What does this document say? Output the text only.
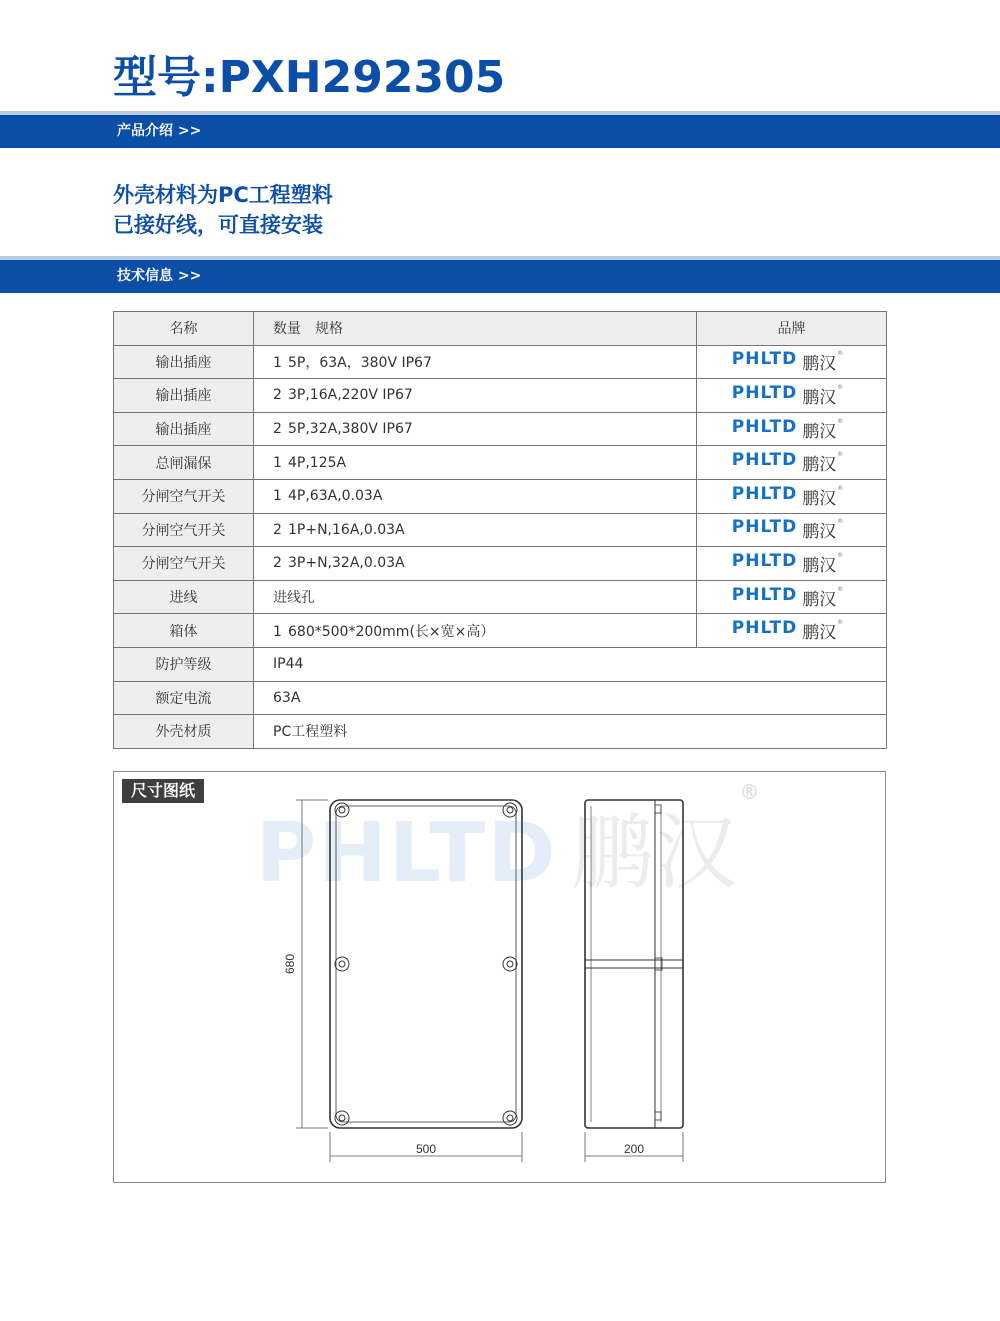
型号:PXH292305
产品介绍 >>
外壳材料为PC工程塑料
已接好线，可直接安装
技术信息 >>
名称	数量　规格	品牌
输出插座	1 5P，63A，380V IP67	PHLTD 鹏汉
®

输出插座	2 3P,16A,220V IP67	PHLTD 鹏汉
®

输出插座	2 5P,32A,380V IP67	PHLTD 鹏汉
®

总闸漏保	1 4P,125A	PHLTD 鹏汉
®

分闸空气开关	1 4P,63A,0.03A	PHLTD 鹏汉
®

分闸空气开关	2 1P+N,16A,0.03A	PHLTD 鹏汉
®

分闸空气开关	2 3P+N,32A,0.03A	PHLTD 鹏汉
®

进线	进线孔	PHLTD 鹏汉
®

箱体	1 680*500*200mm(长×宽×高）	PHLTD 鹏汉
®

防护等级	IP44	
额定电流	63A	
外壳材质	PC工程塑料	
PHLTD 鹏汉®
680
500	200
尺寸图纸
